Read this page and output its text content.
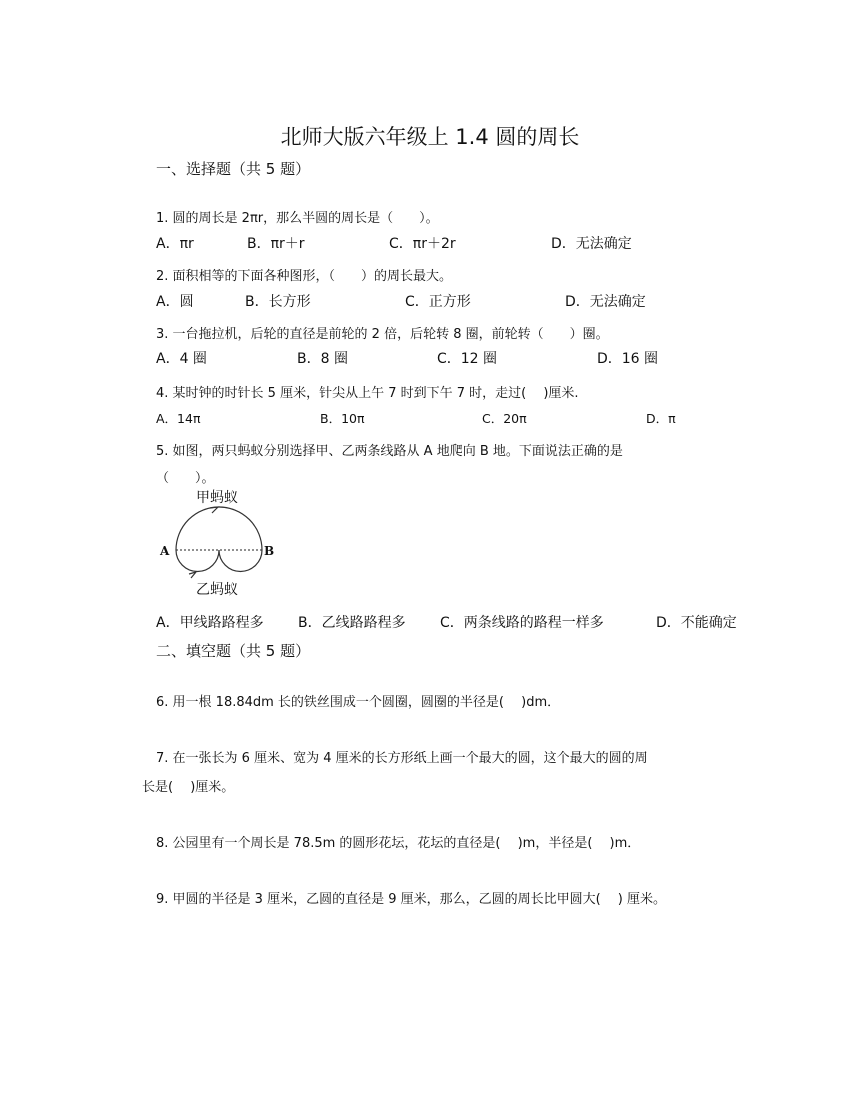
北师大版六年级上 1.4 圆的周长
一、选择题（共 5 题）
1. 圆的周长是 2πr，那么半圆的周长是（　　）。
A．πr	B．πr＋r	C．πr＋2r	D．无法确定
2. 面积相等的下面各种图形，（　　）的周长最大。
A．圆	B．长方形	C．正方形	D．无法确定
3. 一台拖拉机，后轮的直径是前轮的 2 倍，后轮转 8 圈，前轮转（　　）圈。
A．4 圈	B．8 圈	C．12 圈	D．16 圈
4. 某时钟的时针长 5 厘米，针尖从上午 7 时到下午 7 时，走过(　 )厘米.
A．14π	B．10π	C．20π	D．π
5. 如图，两只蚂蚁分别选择甲、乙两条线路从 A 地爬向 B 地。下面说法正确的是
（　　）。
甲蚂蚁
乙蚂蚁
A	B
A．甲线路路程多 B．乙线路路程多 C．两条线路的路程一样多	D．不能确定
二、填空题（共 5 题）
6. 用一根 18.84dm 长的铁丝围成一个圆圈，圆圈的半径是(　 )dm．
7. 在一张长为 6 厘米、宽为 4 厘米的长方形纸上画一个最大的圆，这个最大的圆的周
长是(　 )厘米。
8. 公园里有一个周长是 78.5m 的圆形花坛，花坛的直径是(　 )m，半径是(　 )m．
9. 甲圆的半径是 3 厘米，乙圆的直径是 9 厘米，那么，乙圆的周长比甲圆大(　 ) 厘米。
